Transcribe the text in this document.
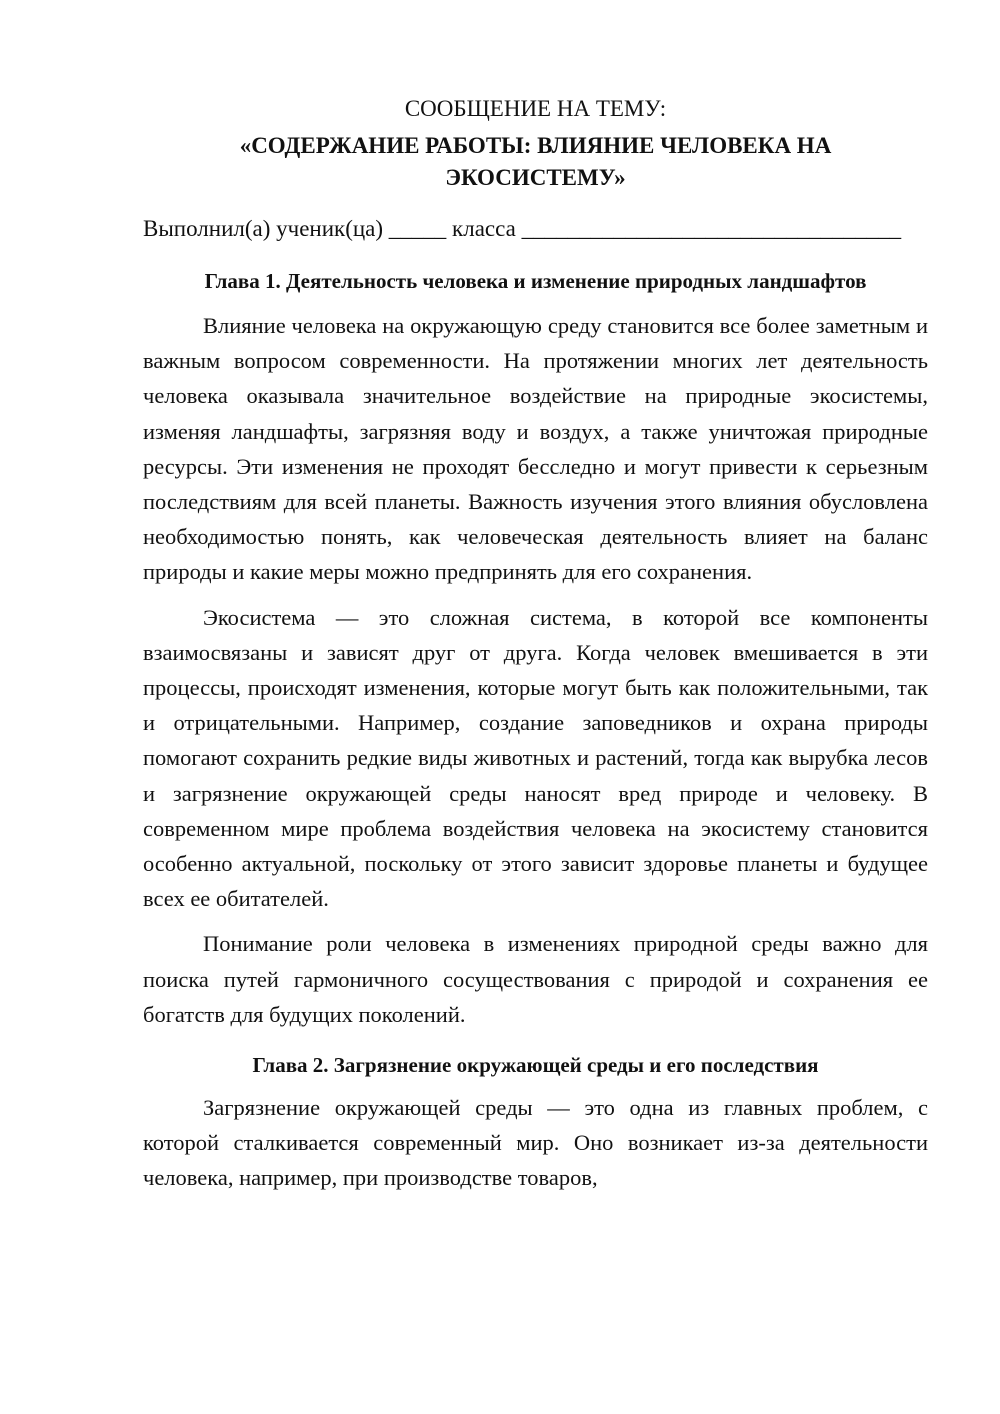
СООБЩЕНИЕ НА ТЕМУ:
«СОДЕРЖАНИЕ РАБОТЫ: ВЛИЯНИЕ ЧЕЛОВЕКА НА ЭКОСИСТЕМУ»
Выполнил(а) ученик(ца) _____ класса _________________________________
Глава 1. Деятельность человека и изменение природных ландшафтов

Влияние человека на окружающую среду становится все более заметным и важным вопросом современности. На протяжении многих лет деятельность человека оказывала значительное воздействие на природные экосистемы, изменяя ландшафты, загрязняя воду и воздух, а также уничтожая природные ресурсы. Эти изменения не проходят бесследно и могут привести к серьезным последствиям для всей планеты. Важность изучения этого влияния обусловлена необходимостью понять, как человеческая деятельность влияет на баланс природы и какие меры можно предпринять для его сохранения.

Экосистема — это сложная система, в которой все компоненты взаимосвязаны и зависят друг от друга. Когда человек вмешивается в эти процессы, происходят изменения, которые могут быть как положительными, так и отрицательными. Например, создание заповедников и охрана природы помогают сохранить редкие виды животных и растений, тогда как вырубка лесов и загрязнение окружающей среды наносят вред природе и человеку. В современном мире проблема воздействия человека на экосистему становится особенно актуальной, поскольку от этого зависит здоровье планеты и будущее всех ее обитателей.

Понимание роли человека в изменениях природной среды важно для поиска путей гармоничного сосуществования с природой и сохранения ее богатств для будущих поколений.

Глава 2. Загрязнение окружающей среды и его последствия

Загрязнение окружающей среды — это одна из главных проблем, с которой сталкивается современный мир. Оно возникает из-за деятельности человека, например, при производстве товаров,
